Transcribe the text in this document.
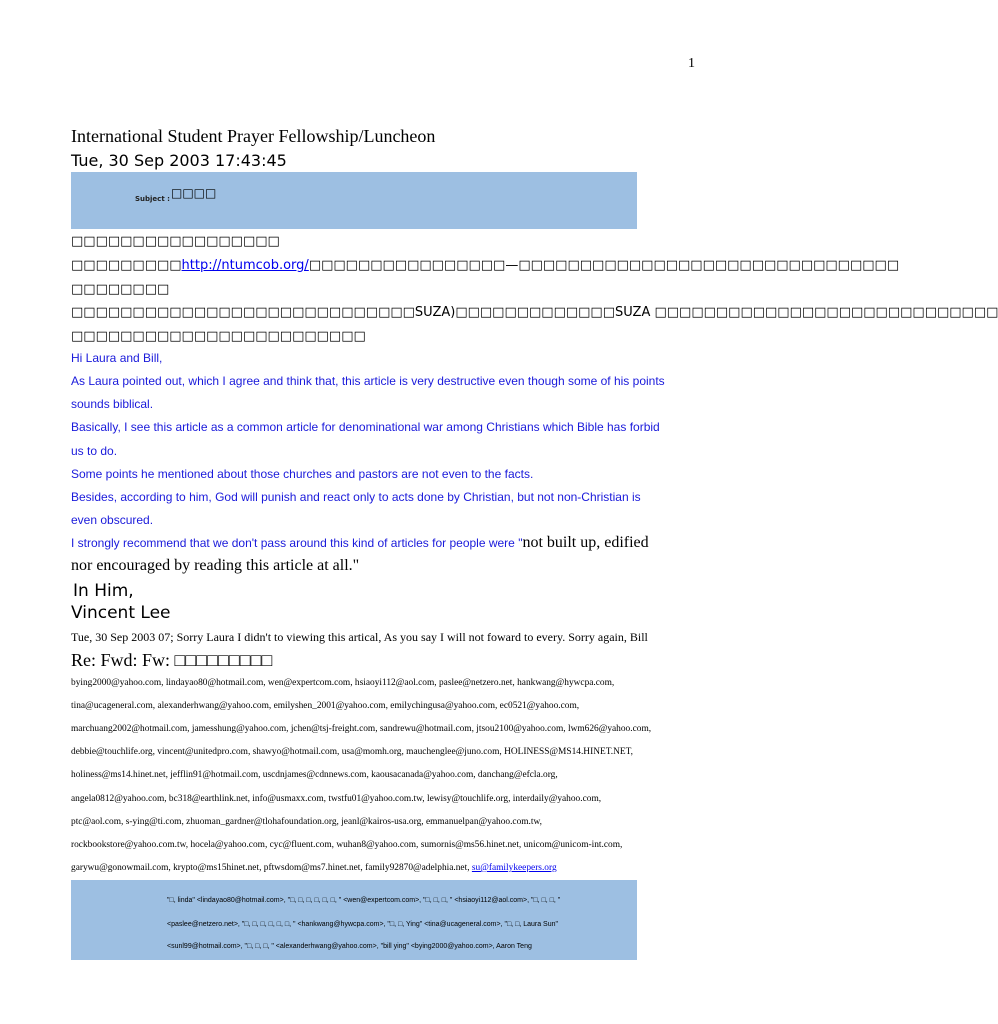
1
International Student Prayer Fellowship/Luncheon
Tue, 30 Sep 2003 17:43:45
Subject : □□□□
□□□□□□□□□□□□□□□□□
□□□□□□□□□http://ntumcob.org/□□□□□□□□□□□□□□□□—□□□□□□□□□□□□□□□□□□□□□□□□□□□□□□□
□□□□□□□□
□□□□□□□□□□□□□□□□□□□□□□□□□□□□SUZA)□□□□□□□□□□□□□SUZA □□□□□□□□□□□□□□□□□□□□□□□□□□□□
□□□□□□□□□□□□□□□□□□□□□□□□
Hi Laura and Bill,
As Laura pointed out, which I agree and think that, this article is very destructive even though some of his points
sounds biblical.
Basically, I see this article as a common article for denominational war among Christians which Bible has forbid
us to do.
Some points he mentioned about those churches and pastors are not even to the facts.
Besides, according to him, God will punish and react only to acts done by Christian, but not non-Christian is
even obscured.
I strongly recommend that we don't pass around this kind of articles for people were "not built up, edified
nor encouraged by reading this article at all."
In Him,
Vincent Lee
Tue, 30 Sep 2003 07; Sorry Laura I didn't to viewing this artical, As you say I will not foward to every. Sorry again, Bill
Re: Fwd: Fw: □□□□□□□□□
bying2000@yahoo.com, lindayao80@hotmail.com, wen@expertcom.com, hsiaoyi112@aol.com, paslee@netzero.net, hankwang@hywcpa.com,
tina@ucageneral.com, alexanderhwang@yahoo.com, emilyshen_2001@yahoo.com, emilychingusa@yahoo.com, ec0521@yahoo.com,
marchuang2002@hotmail.com, jamesshung@yahoo.com, jchen@tsj-freight.com, sandrewu@hotmail.com, jtsou2100@yahoo.com, lwm626@yahoo.com,
debbie@touchlife.org, vincent@unitedpro.com, shawyo@hotmail.com, usa@momh.org, mauchenglee@juno.com, HOLINESS@MS14.HINET.NET,
holiness@ms14.hinet.net, jefflin91@hotmail.com, uscdnjames@cdnnews.com, kaousacanada@yahoo.com, danchang@efcla.org,
angela0812@yahoo.com, bc318@earthlink.net, info@usmaxx.com, twstfu01@yahoo.com.tw, lewisy@touchlife.org, interdaily@yahoo.com,
ptc@aol.com, s-ying@ti.com, zhuoman_gardner@tlohafoundation.org, jeanl@kairos-usa.org, emmanuelpan@yahoo.com.tw,
rockbookstore@yahoo.com.tw, hocela@yahoo.com, cyc@fluent.com, wuhan8@yahoo.com, sumornis@ms56.hinet.net, unicom@unicom-int.com,
garywu@gonowmail.com, krypto@ms15hinet.net, pftwsdom@ms7.hinet.net, family92870@adelphia.net, su@familykeepers.org
"□, linda" <lindayao80@hotmail.com>, "□, □, □, □, □, □, " <wen@expertcom.com>, "□, □, □, " <hsiaoyi112@aol.com>, "□, □, □, "
<paslee@netzero.net>, "□, □, □, □, □, □, " <hankwang@hywcpa.com>, "□, □, Ying" <tina@ucageneral.com>, "□, □, Laura Sun"
<sunl99@hotmail.com>, "□, □, □, " <alexanderhwang@yahoo.com>, "bill ying" <bying2000@yahoo.com>, Aaron Teng
